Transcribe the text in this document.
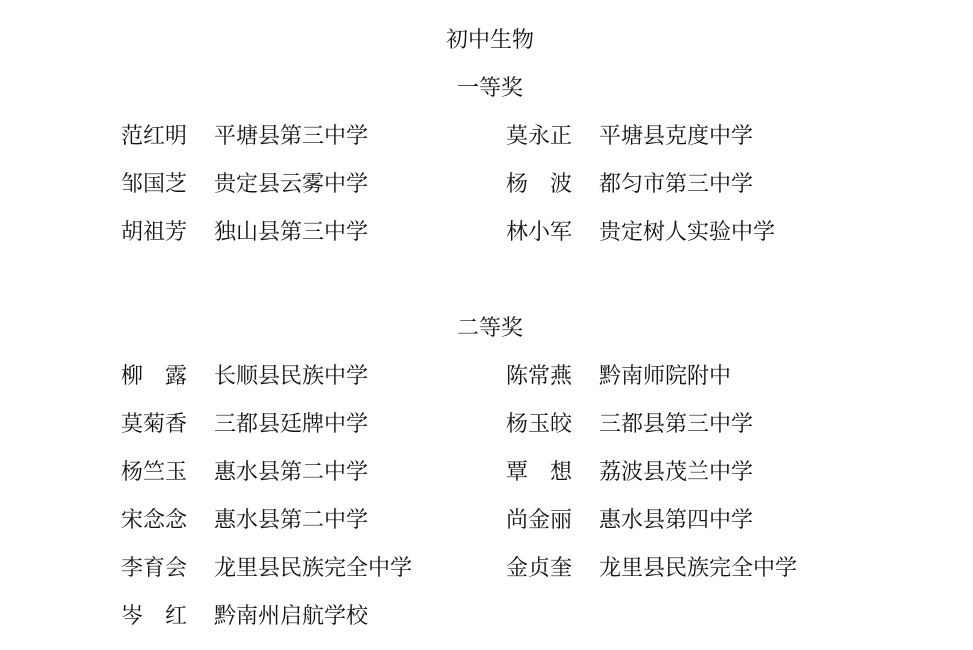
初中生物
一等奖
范红明 平塘县第三中学	莫永正 平塘县克度中学
邹国芝 贵定县云雾中学	杨　波 都匀市第三中学
胡祖芳 独山县第三中学	林小军 贵定树人实验中学
二等奖
柳　露 长顺县民族中学	陈常燕 黔南师院附中
莫菊香 三都县廷牌中学	杨玉皎 三都县第三中学
杨竺玉 惠水县第二中学	覃　想 荔波县茂兰中学
宋念念 惠水县第二中学	尚金丽 惠水县第四中学
李育会 龙里县民族完全中学	金贞奎 龙里县民族完全中学
岑　红 黔南州启航学校
